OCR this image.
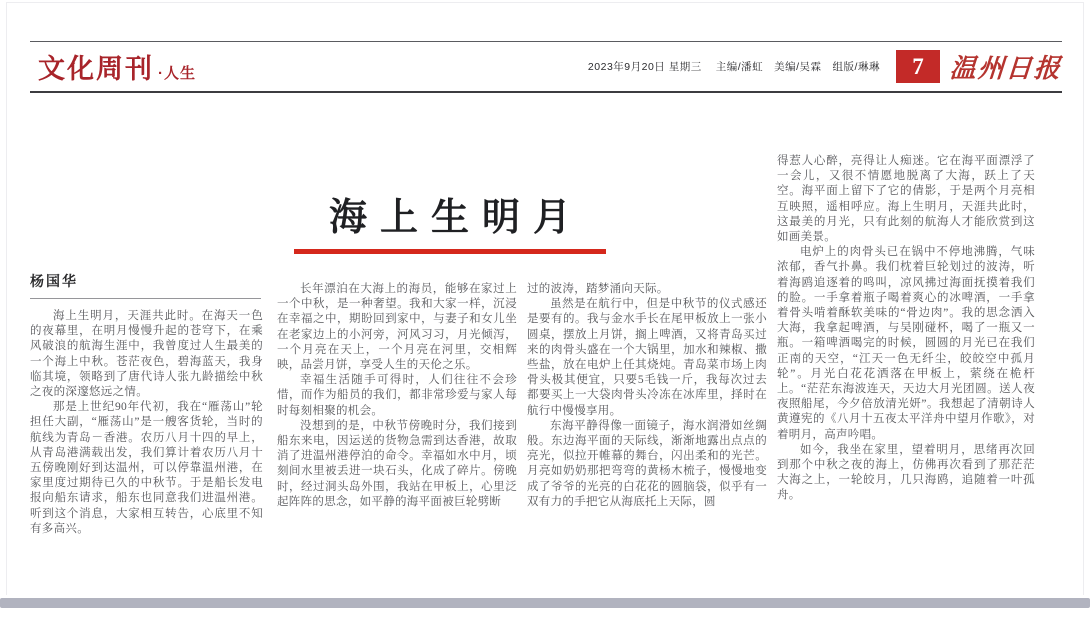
文化周刊 ·人生	2023年9月20日 星期三 主编/潘虹　美编/吴霖　组版/琳琳	7 温州日报
海上生明月
杨国华

海上生明月，天涯共此时。在海天一色的夜幕里，在明月慢慢升起的苍穹下，在乘风破浪的航海生涯中，我曾度过人生最美的一个海上中秋。苍茫夜色，碧海蓝天，我身临其境，领略到了唐代诗人张九龄描绘中秋之夜的深邃悠远之情。

那是上世纪90年代初，我在“雁荡山”轮担任大副，“雁荡山”是一艘客货轮，当时的航线为青岛－香港。农历八月十四的早上，从青岛港满载出发，我们算计着农历八月十五傍晚刚好到达温州，可以停靠温州港，在家里度过期待已久的中秋节。于是船长发电报向船东请求，船东也同意我们进温州港。听到这个消息，大家相互转告，心底里不知有多高兴。

长年漂泊在大海上的海员，能够在家过上一个中秋，是一种奢望。我和大家一样，沉浸在幸福之中，期盼回到家中，与妻子和女儿坐在老家边上的小河旁，河风习习，月光倾泻，一个月亮在天上，一个月亮在河里，交相辉映，品尝月饼，享受人生的天伦之乐。

幸福生活随手可得时，人们往往不会珍惜，而作为船员的我们，都非常珍爱与家人每时每刻相聚的机会。

没想到的是，中秋节傍晚时分，我们接到船东来电，因运送的货物急需到达香港，故取消了进温州港停泊的命令。幸福如水中月，顷刻间水里被丢进一块石头，化成了碎片。傍晚时，经过洞头岛外围，我站在甲板上，心里泛起阵阵的思念，如平静的海平面被巨轮劈断

过的波涛，踏梦涌向天际。

虽然是在航行中，但是中秋节的仪式感还是要有的。我与金水手长在尾甲板放上一张小圆桌，摆放上月饼，搁上啤酒，又将青岛买过来的肉骨头盛在一个大锅里，加水和辣椒、撒些盐，放在电炉上任其烧炖。青岛菜市场上肉骨头极其便宜，只要5毛钱一斤，我每次过去都要买上一大袋肉骨头冷冻在冰库里，择时在航行中慢慢享用。

东海平静得像一面镜子，海水润滑如丝绸般。东边海平面的天际线，渐渐地露出点点的亮光，似拉开帷幕的舞台，闪出柔和的光芒。月亮如奶奶那把弯弯的黄杨木梳子，慢慢地变成了爷爷的光亮的白花花的圆脑袋，似乎有一双有力的手把它从海底托上天际，圆

得惹人心醉，亮得让人痴迷。它在海平面漂浮了一会儿，又很不情愿地脱离了大海，跃上了天空。海平面上留下了它的倩影，于是两个月亮相互映照，遥相呼应。海上生明月，天涯共此时，这最美的月光，只有此刻的航海人才能欣赏到这如画美景。

电炉上的肉骨头已在锅中不停地沸腾，气味浓郁，香气扑鼻。我们枕着巨轮划过的波涛，听着海鸥追逐着的鸣叫，凉风拂过海面抚摸着我们的脸。一手拿着瓶子喝着爽心的冰啤酒，一手拿着骨头啃着酥软美味的“骨边肉”。我的思念洒入大海，我拿起啤酒，与吴刚碰杯，喝了一瓶又一瓶。一箱啤酒喝完的时候，圆圆的月光已在我们正南的天空，“江天一色无纤尘，皎皎空中孤月轮”。月光白花花洒落在甲板上，萦绕在桅杆上。“茫茫东海波连天，天边大月光团圆。送人夜夜照船尾，今夕倍放清光妍”。我想起了清朝诗人黄遵宪的《八月十五夜太平洋舟中望月作歌》，对着明月，高声吟唱。

如今，我坐在家里，望着明月，思绪再次回到那个中秋之夜的海上，仿佛再次看到了那茫茫大海之上，一轮皎月，几只海鸥，追随着一叶孤舟。
